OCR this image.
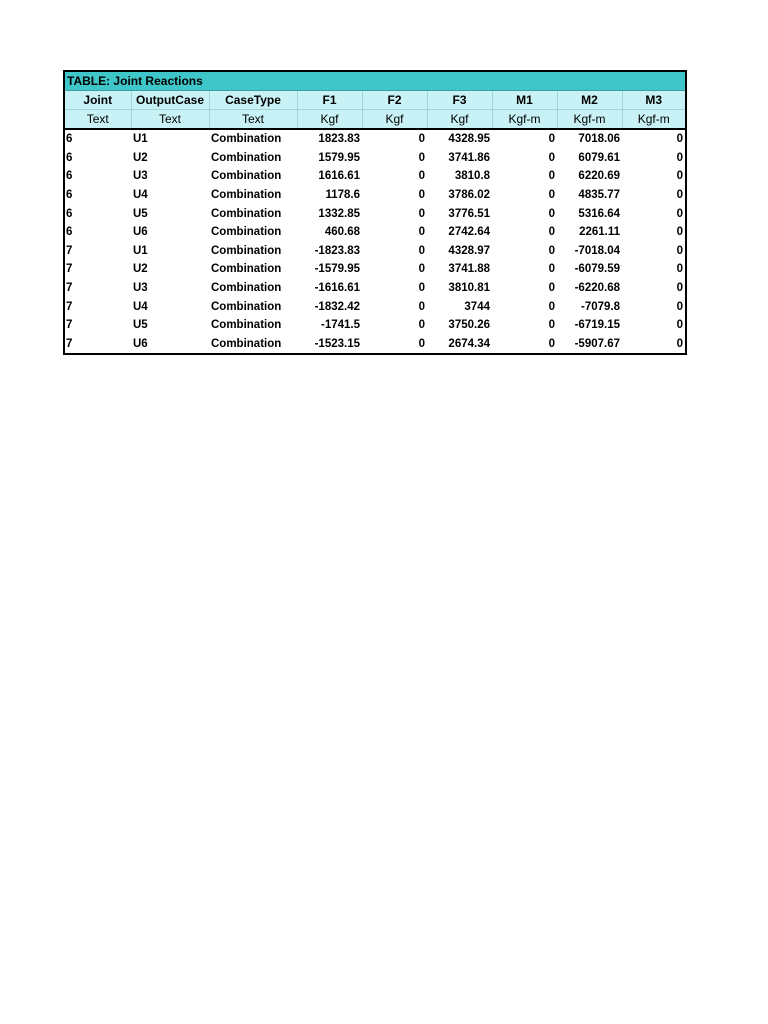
TABLE: Joint Reactions
Joint	OutputCase	CaseType	F1	F2	F3	M1	M2	M3
Text	Text	Text	Kgf	Kgf	Kgf	Kgf-m	Kgf-m	Kgf-m
6	U1	Combination	1823.83	0	4328.95	0	7018.06	0
6	U2	Combination	1579.95	0	3741.86	0	6079.61	0
6	U3	Combination	1616.61	0	3810.8	0	6220.69	0
6	U4	Combination	1178.6	0	3786.02	0	4835.77	0
6	U5	Combination	1332.85	0	3776.51	0	5316.64	0
6	U6	Combination	460.68	0	2742.64	0	2261.11	0
7	U1	Combination	-1823.83	0	4328.97	0	-7018.04	0
7	U2	Combination	-1579.95	0	3741.88	0	-6079.59	0
7	U3	Combination	-1616.61	0	3810.81	0	-6220.68	0
7	U4	Combination	-1832.42	0	3744	0	-7079.8	0
7	U5	Combination	-1741.5	0	3750.26	0	-6719.15	0
7	U6	Combination	-1523.15	0	2674.34	0	-5907.67	0
